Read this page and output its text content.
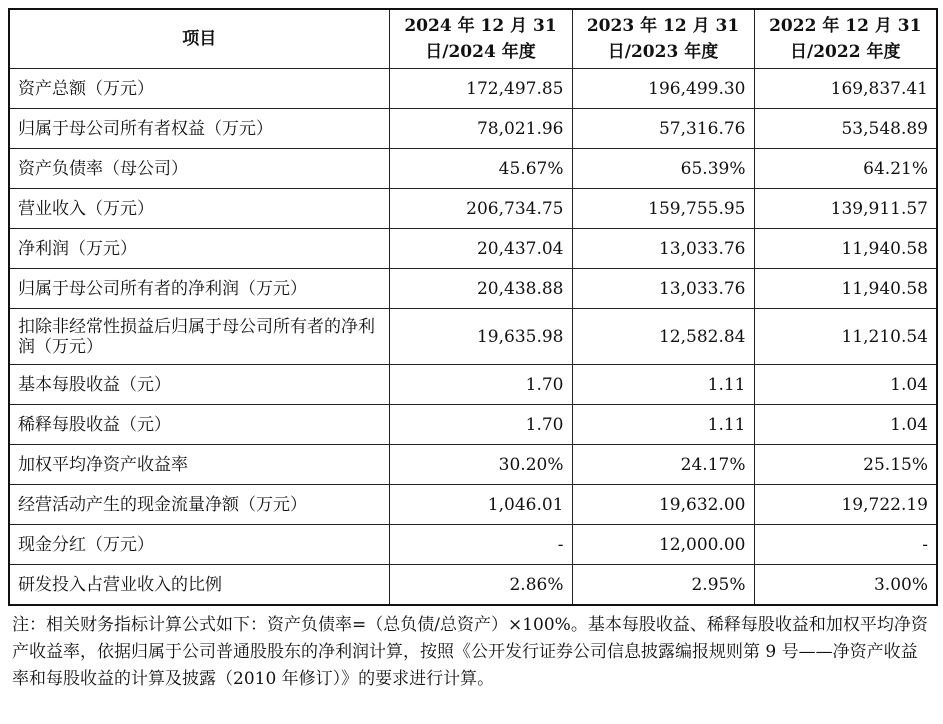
项目	2024 年 12 月 31 日/2024 年度	2023 年 12 月 31 日/2023 年度	2022 年 12 月 31 日/2022 年度
资产总额（万元）	172,497.85	196,499.30	169,837.41
归属于母公司所有者权益（万元）	78,021.96	57,316.76	53,548.89
资产负债率（母公司）	45.67%	65.39%	64.21%
营业收入（万元）	206,734.75	159,755.95	139,911.57
净利润（万元）	20,437.04	13,033.76	11,940.58
归属于母公司所有者的净利润（万元）	20,438.88	13,033.76	11,940.58
扣除非经常性损益后归属于母公司所有者的净利润（万元）	19,635.98	12,582.84	11,210.54
基本每股收益（元）	1.70	1.11	1.04
稀释每股收益（元）	1.70	1.11	1.04
加权平均净资产收益率	30.20%	24.17%	25.15%
经营活动产生的现金流量净额（万元）	1,046.01	19,632.00	19,722.19
现金分红（万元）	-	12,000.00	-
研发投入占营业收入的比例	2.86%	2.95%	3.00%
注：相关财务指标计算公式如下：资产负债率=（总负债/总资产）×100%。基本每股收益、稀释每股收益和加权平均净资产收益率，依据归属于公司普通股股东的净利润计算，按照《公开发行证券公司信息披露编报规则第 9 号——净资产收益率和每股收益的计算及披露（2010 年修订）》的要求进行计算。
